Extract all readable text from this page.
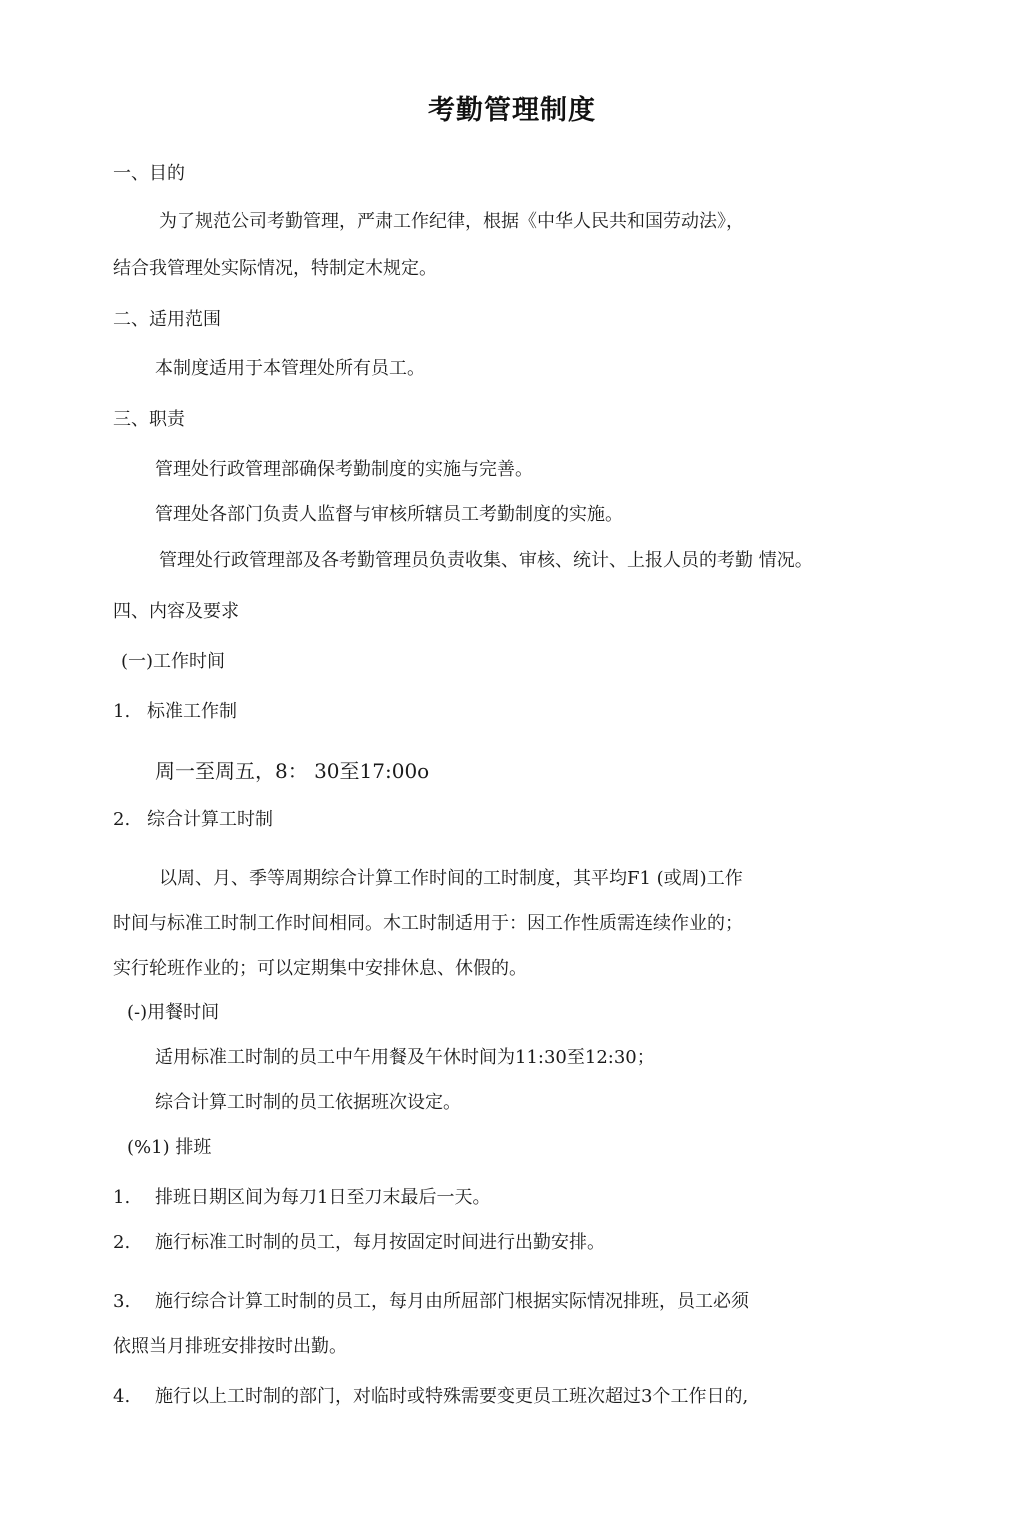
考勤管理制度
一、目的
为了规范公司考勤管理，严肃工作纪律，根据《中华人民共和国劳动法》，
结合我管理处实际情况，特制定木规定。
二、适用范围
本制度适用于本管理处所有员工。
三、职责
管理处行政管理部确保考勤制度的实施与完善。
管理处各部门负责人监督与审核所辖员工考勤制度的实施。
管理处行政管理部及各考勤管理员负责收集、审核、统计、上报人员的考勤 情况。
四、内容及要求
(一)工作时间
1. 标准工作制
周一至周五，8： 30至17:00o
2. 综合计算工时制
以周、月、季等周期综合计算工作时间的工时制度，其平均F1 (或周)工作
时间与标准工时制工作时间相同。木工时制适用于：因工作性质需连续作业的；
实行轮班作业的；可以定期集中安排休息、休假的。
(-)用餐时间
适用标准工时制的员工中午用餐及午休时间为11:30至12:30；
综合计算工时制的员工依据班次设定。
(%1) 排班
1. 排班日期区间为每刀1日至刀末最后一天。
2. 施行标准工时制的员工，每月按固定时间进行出勤安排。
3. 施行综合计算工时制的员工，每月由所屈部门根据实际情况排班，员工必须
依照当月排班安排按时出勤。
4. 施行以上工时制的部门，对临时或特殊需要变更员工班次超过3个工作日的,
